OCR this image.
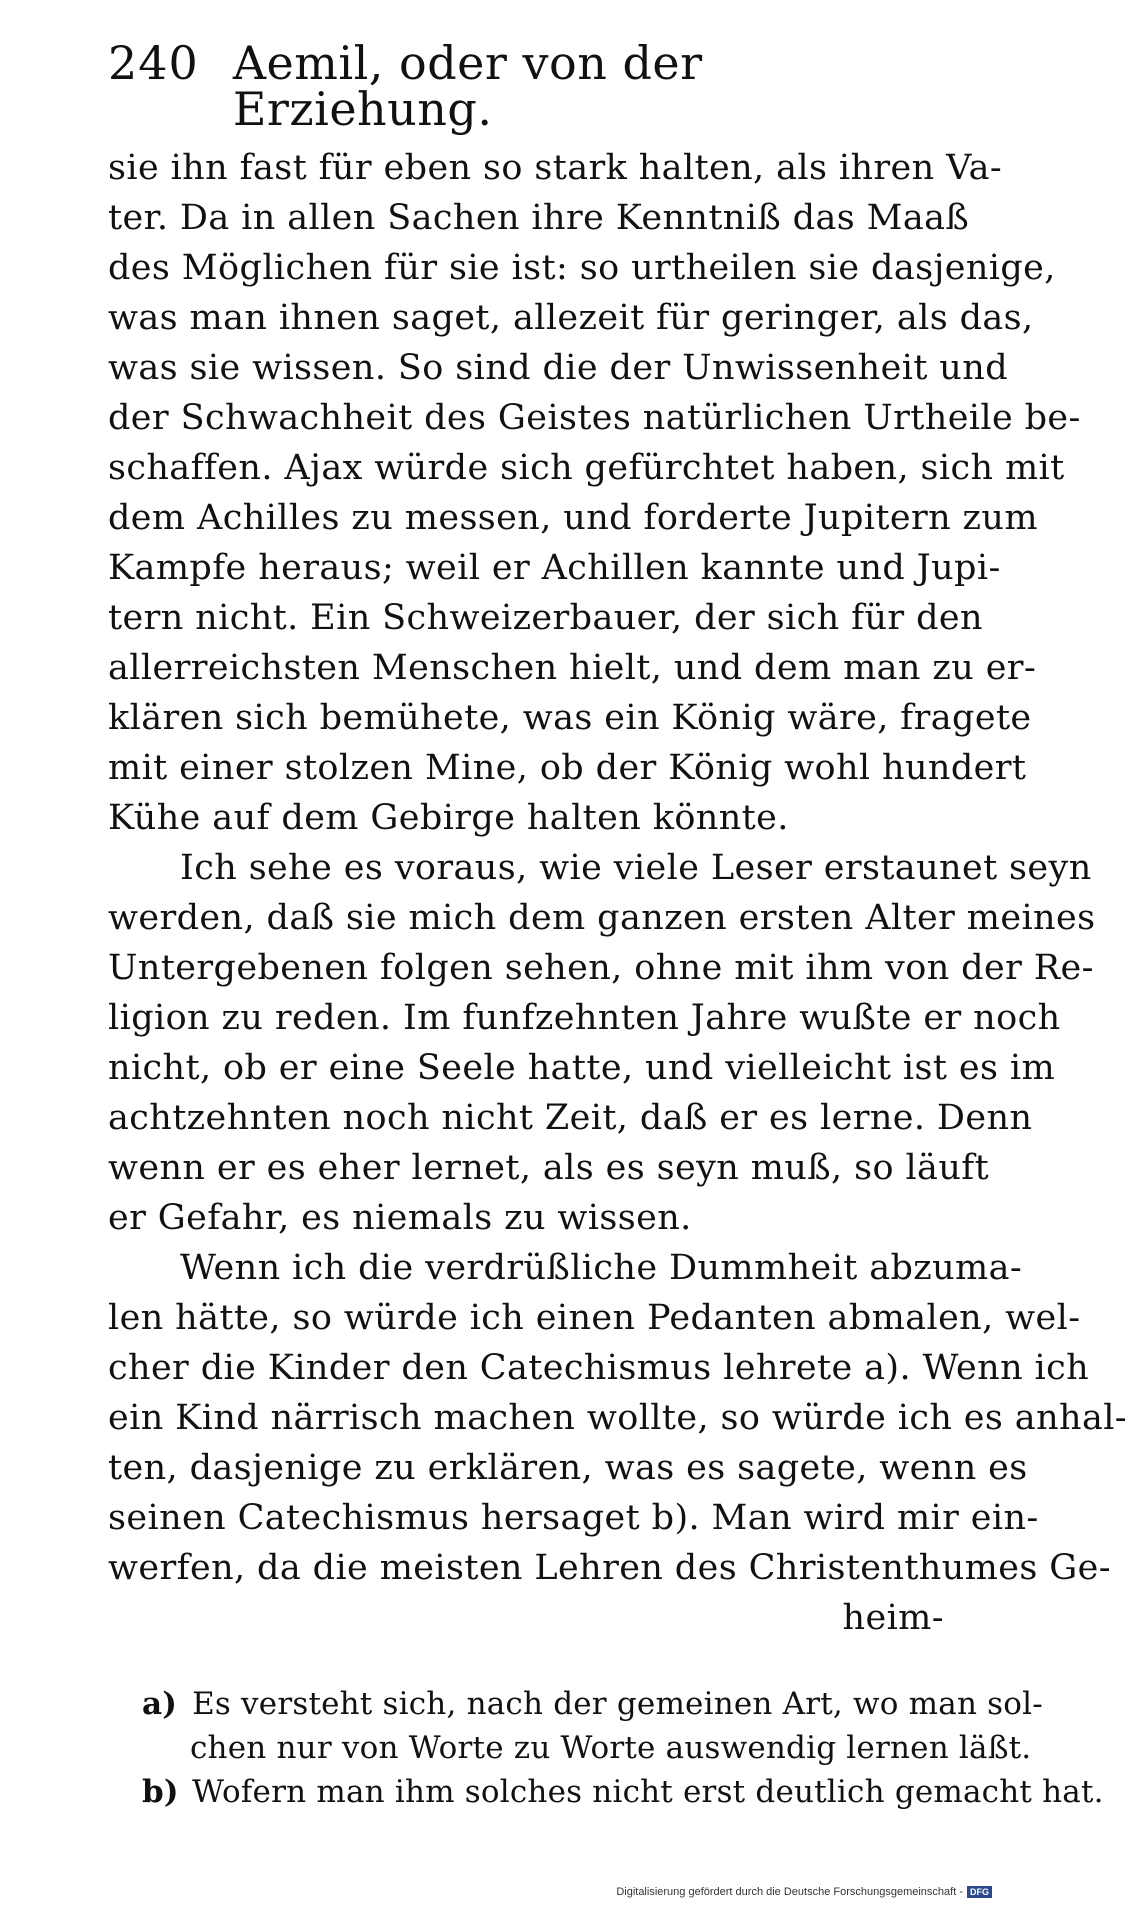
240 Aemil, oder von der Erziehung.
sie ihn fast für eben so stark halten, als ihren Va-
ter. Da in allen Sachen ihre Kenntniß das Maaß
des Möglichen für sie ist: so urtheilen sie dasjenige,
was man ihnen saget, allezeit für geringer, als das,
was sie wissen. So sind die der Unwissenheit und
der Schwachheit des Geistes natürlichen Urtheile be-
schaffen. Ajax würde sich gefürchtet haben, sich mit
dem Achilles zu messen, und forderte Jupitern zum
Kampfe heraus; weil er Achillen kannte und Jupi-
tern nicht. Ein Schweizerbauer, der sich für den
allerreichsten Menschen hielt, und dem man zu er-
klären sich bemühete, was ein König wäre, fragete
mit einer stolzen Mine, ob der König wohl hundert
Kühe auf dem Gebirge halten könnte.
Ich sehe es voraus, wie viele Leser erstaunet seyn
werden, daß sie mich dem ganzen ersten Alter meines
Untergebenen folgen sehen, ohne mit ihm von der Re-
ligion zu reden. Im funfzehnten Jahre wußte er noch
nicht, ob er eine Seele hatte, und vielleicht ist es im
achtzehnten noch nicht Zeit, daß er es lerne. Denn
wenn er es eher lernet, als es seyn muß, so läuft
er Gefahr, es niemals zu wissen.
Wenn ich die verdrüßliche Dummheit abzuma-
len hätte, so würde ich einen Pedanten abmalen, wel-
cher die Kinder den Catechismus lehrete a). Wenn ich
ein Kind närrisch machen wollte, so würde ich es anhal-
ten, dasjenige zu erklären, was es sagete, wenn es
seinen Catechismus hersaget b). Man wird mir ein-
werfen, da die meisten Lehren des Christenthumes Ge-
heim-
a) Es versteht sich, nach der gemeinen Art, wo man sol-
chen nur von Worte zu Worte auswendig lernen läßt.
b) Wofern man ihm solches nicht erst deutlich gemacht hat.
Digitalisierung gefördert durch die Deutsche Forschungsgemeinschaft - DFG
